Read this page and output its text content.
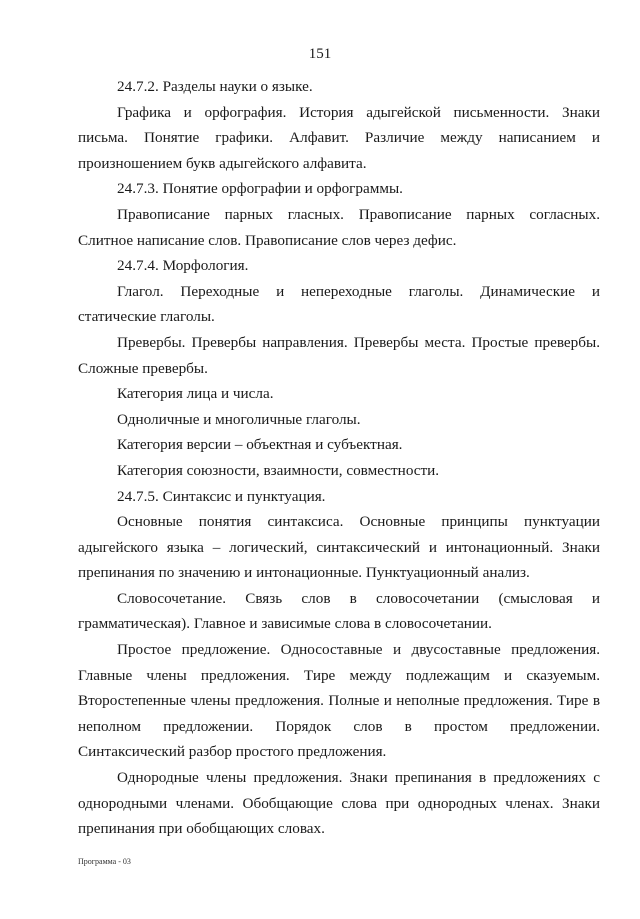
151

24.7.2. Разделы науки о языке.

Графика и орфография. История адыгейской письменности. Знаки письма. Понятие графики. Алфавит. Различие между написанием и произношением букв адыгейского алфавита.

24.7.3. Понятие орфографии и орфограммы.

Правописание парных гласных. Правописание парных согласных. Слитное написание слов. Правописание слов через дефис.

24.7.4. Морфология.

Глагол. Переходные и непереходные глаголы. Динамические и статические глаголы.

Превербы. Превербы направления. Превербы места. Простые превербы. Сложные превербы.

Категория лица и числа.

Одноличные и многоличные глаголы.

Категория версии – объектная и субъектная.

Категория союзности, взаимности, совместности.

24.7.5. Синтаксис и пунктуация.

Основные понятия синтаксиса. Основные принципы пунктуации адыгейского языка – логический, синтаксический и интонационный. Знаки препинания по значению и интонационные. Пунктуационный анализ.

Словосочетание. Связь слов в словосочетании (смысловая и грамматическая). Главное и зависимые слова в словосочетании.

Простое предложение. Односоставные и двусоставные предложения. Главные члены предложения. Тире между подлежащим и сказуемым. Второстепенные члены предложения. Полные и неполные предложения. Тире в неполном предложении. Порядок слов в простом предложении. Синтаксический разбор простого предложения.

Однородные члены предложения. Знаки препинания в предложениях с однородными членами. Обобщающие слова при однородных членах. Знаки препинания при обобщающих словах.

Программа - 03
